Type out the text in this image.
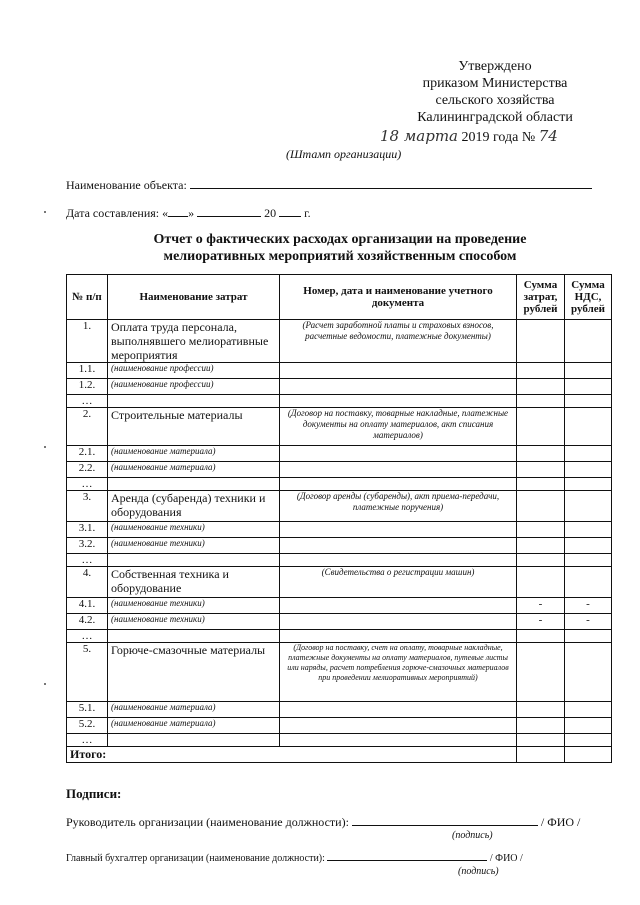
Утверждено
приказом Министерства
сельского хозяйства
Калининградской области
18 марта 2019 года № 74
(Штамп организации)
Наименование объекта:
Дата составления: « »	20 г.
Отчет о фактических расходах организации на проведение
мелиоративных мероприятий хозяйственным способом
№ п/п	Наименование затрат	Номер, дата и наименование учетного документа	Сумма затрат, рублей	Сумма НДС, рублей
1.	Оплата труда персонала, выполнявшего мелиоративные мероприятия	(Расчет заработной платы и страховых взносов, расчетные ведомости, платежные документы)		
1.1.	(наименование профессии)			
1.2.	(наименование профессии)			
…				
2.	Строительные материалы	(Договор на поставку, товарные накладные, платежные документы на оплату материалов, акт списания материалов)		
2.1.	(наименование материала)			
2.2.	(наименование материала)			
…				
3.	Аренда (субаренда) техники и оборудования	(Договор аренды (субаренды), акт приема-передачи, платежные поручения)		
3.1.	(наименование техники)			
3.2.	(наименование техники)			
…				
4.	Собственная техника и оборудование	(Свидетельства о регистрации машин)		
4.1.	(наименование техники)		-	-
4.2.	(наименование техники)		-	-
…				
5.	Горюче-смазочные материалы	(Договор на поставку, счет на оплату, товарные накладные, платежные документы на оплату материалов, путевые листы или наряды, расчет потребления горюче-смазочных материалов при проведении мелиоративных мероприятий)		
5.1.	(наименование материала)			
5.2.	(наименование материала)			
…				
Итого:				
Подписи:
Руководитель организации (наименование должности):	/ ФИО /
(подпись)
Главный бухгалтер организации (наименование должности):	/ ФИО /
(подпись)
